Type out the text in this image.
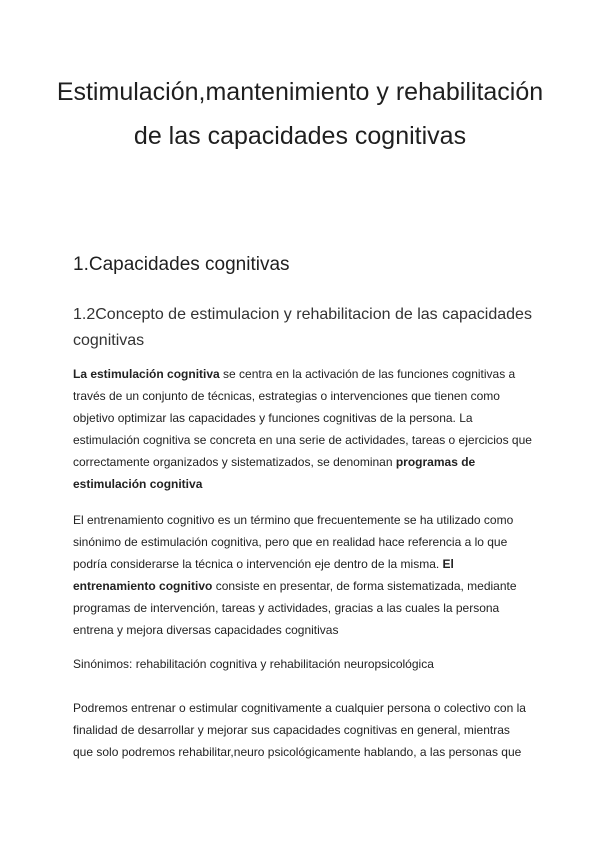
Estimulación,mantenimiento y rehabilitación de las capacidades cognitivas
1.Capacidades cognitivas
1.2Concepto de estimulacion y rehabilitacion de las capacidades cognitivas

La estimulación cognitiva se centra en la activación de las funciones cognitivas a través de un conjunto de técnicas, estrategias o intervenciones que tienen como objetivo optimizar las capacidades y funciones cognitivas de la persona. La estimulación cognitiva se concreta en una serie de actividades, tareas o ejercicios que correctamente organizados y sistematizados, se denominan programas de estimulación cognitiva

El entrenamiento cognitivo es un término que frecuentemente se ha utilizado como sinónimo de estimulación cognitiva, pero que en realidad hace referencia a lo que podría considerarse la técnica o intervención eje dentro de la misma. El entrenamiento cognitivo consiste en presentar, de forma sistematizada, mediante programas de intervención, tareas y actividades, gracias a las cuales la persona entrena y mejora diversas capacidades cognitivas

Sinónimos: rehabilitación cognitiva y rehabilitación neuropsicológica

Podremos entrenar o estimular cognitivamente a cualquier persona o colectivo con la finalidad de desarrollar y mejorar sus capacidades cognitivas en general, mientras que solo podremos rehabilitar,neuro psicológicamente hablando, a las personas que
